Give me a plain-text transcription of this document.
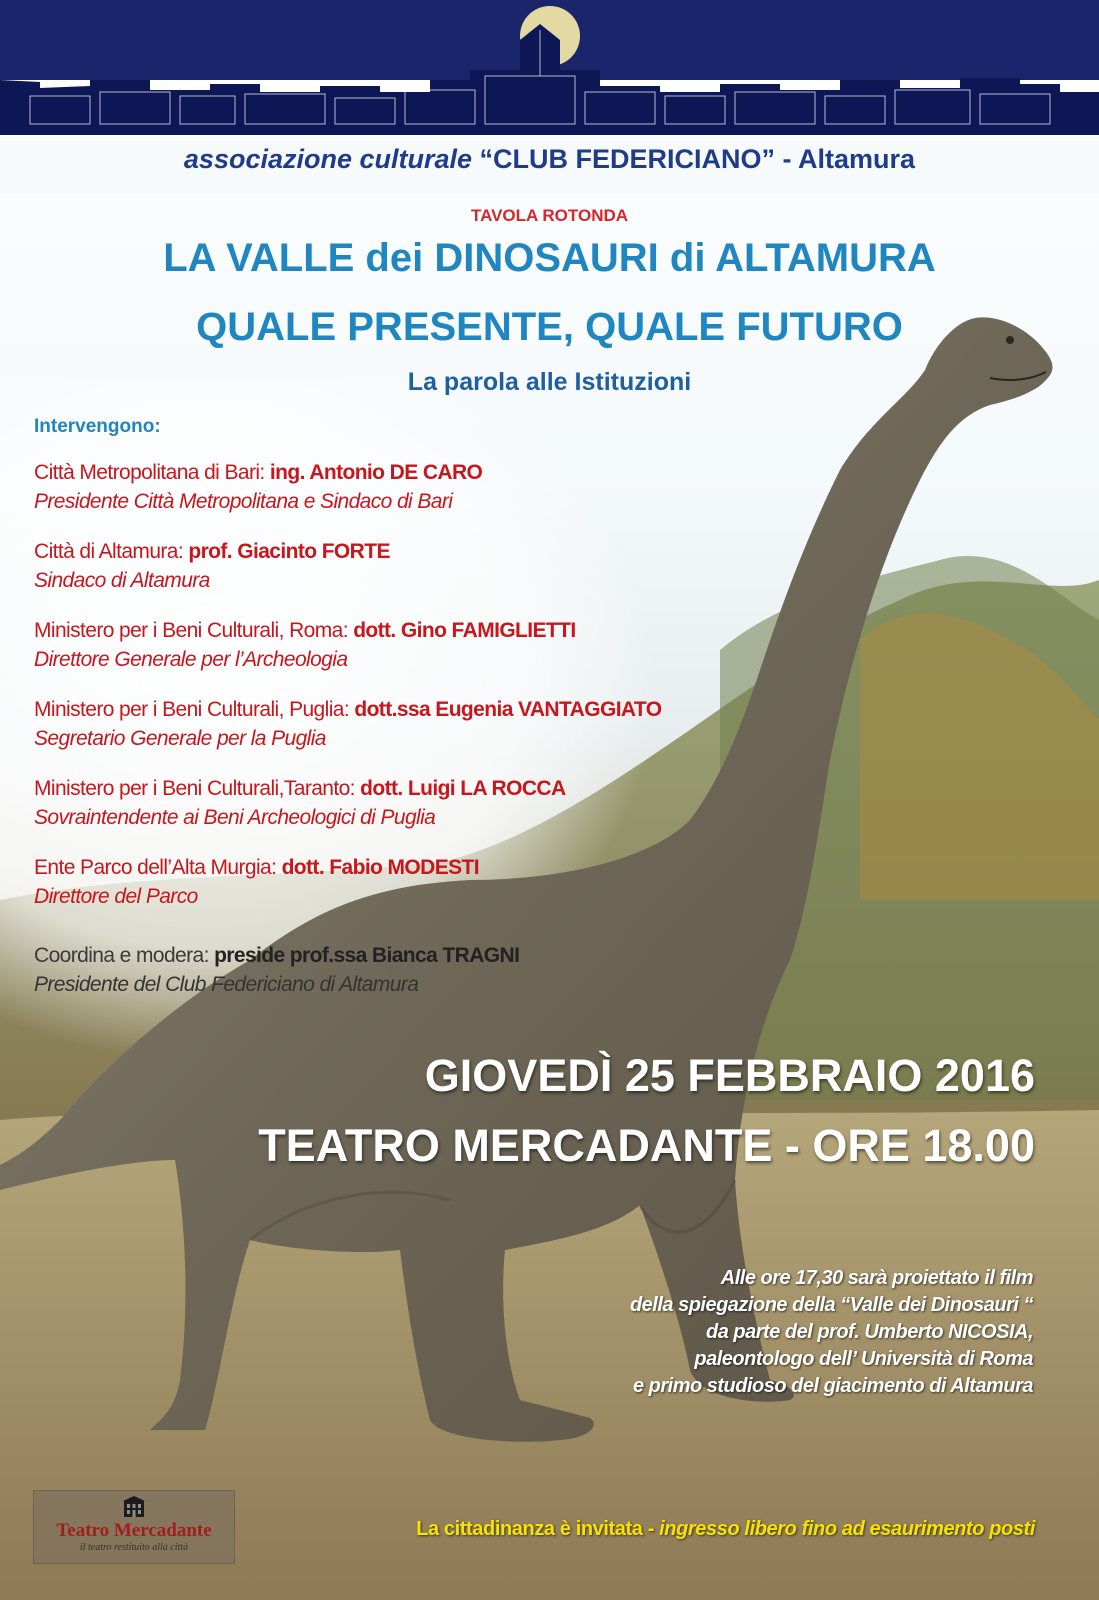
associazione culturale “CLUB FEDERICIANO” - Altamura
TAVOLA ROTONDA
LA VALLE dei DINOSAURI di ALTAMURA
QUALE PRESENTE, QUALE FUTURO
La parola alle Istituzioni
Intervengono:
Città Metropolitana di Bari: ing. Antonio DE CARO
Presidente Città Metropolitana e Sindaco di Bari
Città di Altamura: prof. Giacinto FORTE
Sindaco di Altamura
Ministero per i Beni Culturali, Roma: dott. Gino FAMIGLIETTI
Direttore Generale per l’Archeologia
Ministero per i Beni Culturali, Puglia: dott.ssa Eugenia VANTAGGIATO
Segretario Generale per la Puglia
Ministero per i Beni Culturali,Taranto: dott. Luigi LA ROCCA
Sovraintendente ai Beni Archeologici di Puglia
Ente Parco dell’Alta Murgia: dott. Fabio MODESTI
Direttore del Parco
Coordina e modera: preside prof.ssa Bianca TRAGNI
Presidente del Club Federiciano di Altamura
GIOVEDÌ 25 FEBBRAIO 2016
TEATRO MERCADANTE - ORE 18.00
Alle ore 17,30 sarà proiettato il film
della spiegazione della “Valle dei Dinosauri “
da parte del prof. Umberto NICOSIA,
paleontologo dell’ Università di Roma
e primo studioso del giacimento di Altamura
Teatro Mercadante
il teatro restituito alla città
La cittadinanza è invitata - ingresso libero fino ad esaurimento posti
